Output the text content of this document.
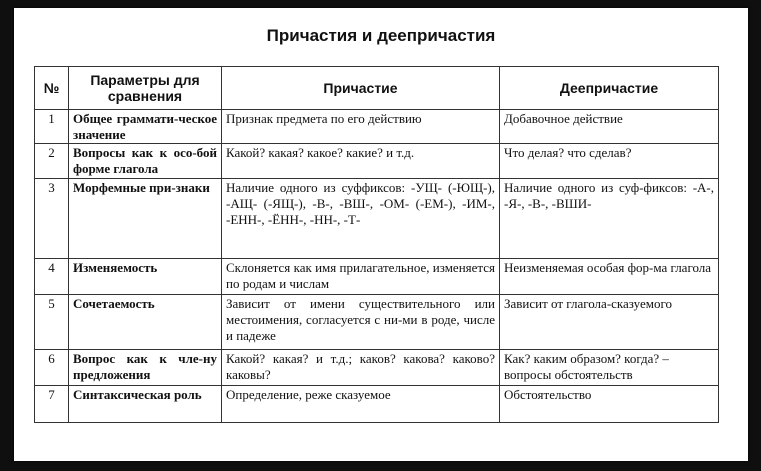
Причастия и деепричастия
№	Параметры для сравнения	Причастие	Деепричастие
1	Общее граммати-ческое значение	Признак предмета по его действию	Добавочное действие
2	Вопросы как к осо-бой форме глагола	Какой? какая? какое? какие? и т.д.	Что делая? что сделав?
3	Морфемные при-знаки	Наличие одного из суффиксов: -УЩ- (-ЮЩ-), -АЩ- (-ЯЩ-), -В-, -ВШ-, -ОМ- (-ЕМ-), -ИМ-, -ЕНН-, -ЁНН-, -НН-, -Т-	Наличие одного из суф-фиксов: -А-, -Я-, -В-, -ВШИ-
4	Изменяемость	Склоняется как имя прилагательное, изменяется по родам и числам	Неизменяемая особая фор-ма глагола
5	Сочетаемость	Зависит от имени существительного или местоимения, согласуется с ни-ми в роде, числе и падеже	Зависит от глагола-сказуемого
6	Вопрос как к чле-ну предложения	Какой? какая? и т.д.; каков? какова? каково? каковы?	Как? каким образом? когда? – вопросы обстоятельств
7	Синтаксическая роль	Определение, реже сказуемое	Обстоятельство
